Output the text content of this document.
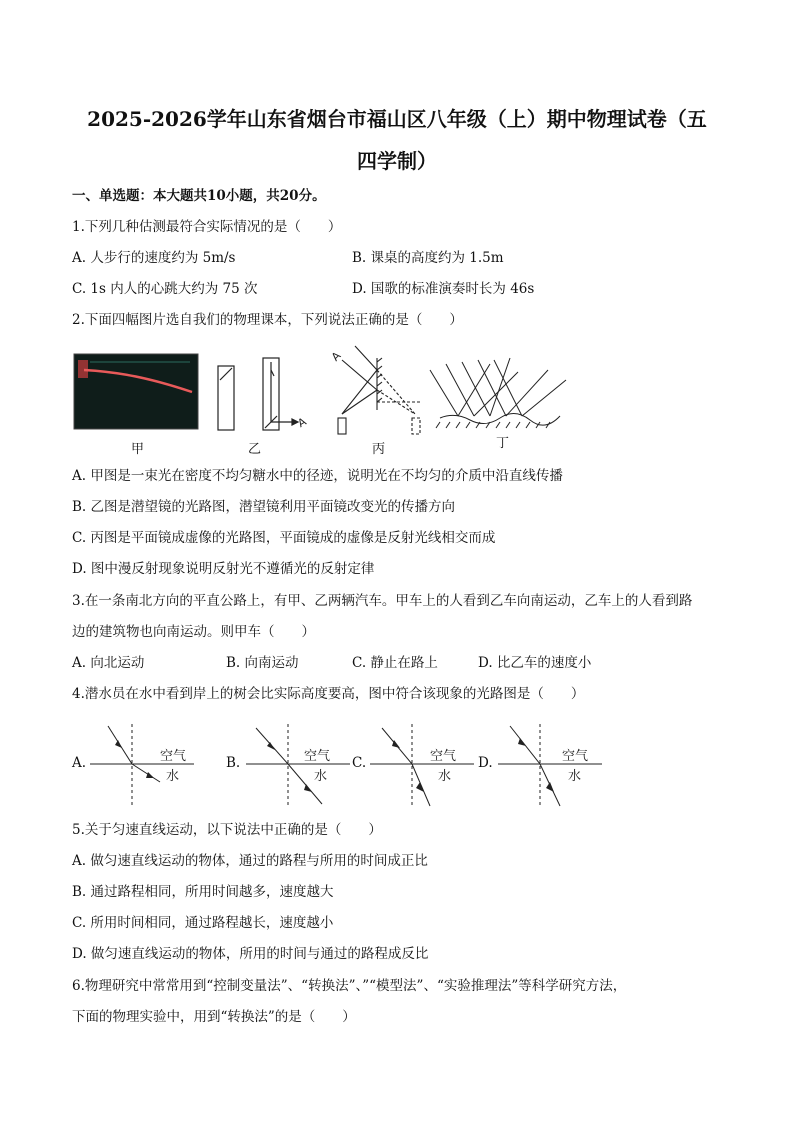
2025-2026学年山东省烟台市福山区八年级（上）期中物理试卷（五
四学制）
一、单选题：本大题共10小题，共20分。
1.下列几种估测最符合实际情况的是（　　）
A. 人步行的速度约为 5m/s	B. 课桌的高度约为 1.5m
C. 1s 内人的心跳大约为 75 次	D. 国歌的标准演奏时长为 46s
2.下面四幅图片选自我们的物理课本，下列说法正确的是（　　）
A
A
甲	乙	丙	丁
A. 甲图是一束光在密度不均匀糖水中的径迹，说明光在不均匀的介质中沿直线传播
B. 乙图是潜望镜的光路图，潜望镜利用平面镜改变光的传播方向
C. 丙图是平面镜成虚像的光路图，平面镜成的虚像是反射光线相交而成
D. 图中漫反射现象说明反射光不遵循光的反射定律
3.在一条南北方向的平直公路上，有甲、乙两辆汽车。甲车上的人看到乙车向南运动，乙车上的人看到路
边的建筑物也向南运动。则甲车（　　）
A. 向北运动	B. 向南运动	C. 静止在路上	D. 比乙车的速度小
4.潜水员在水中看到岸上的树会比实际高度要高，图中符合该现象的光路图是（　　）
A.	B.	C.	D.
空气
水
空气
水
空气
水
空气
水
5.关于匀速直线运动，以下说法中正确的是（　　）
A. 做匀速直线运动的物体，通过的路程与所用的时间成正比
B. 通过路程相同，所用时间越多，速度越大
C. 所用时间相同，通过路程越长，速度越小
D. 做匀速直线运动的物体，所用的时间与通过的路程成反比
6.物理研究中常常用到“控制变量法”、“转换法”、”“模型法”、“实验推理法”等科学研究方法，
下面的物理实验中，用到“转换法”的是（　　）
